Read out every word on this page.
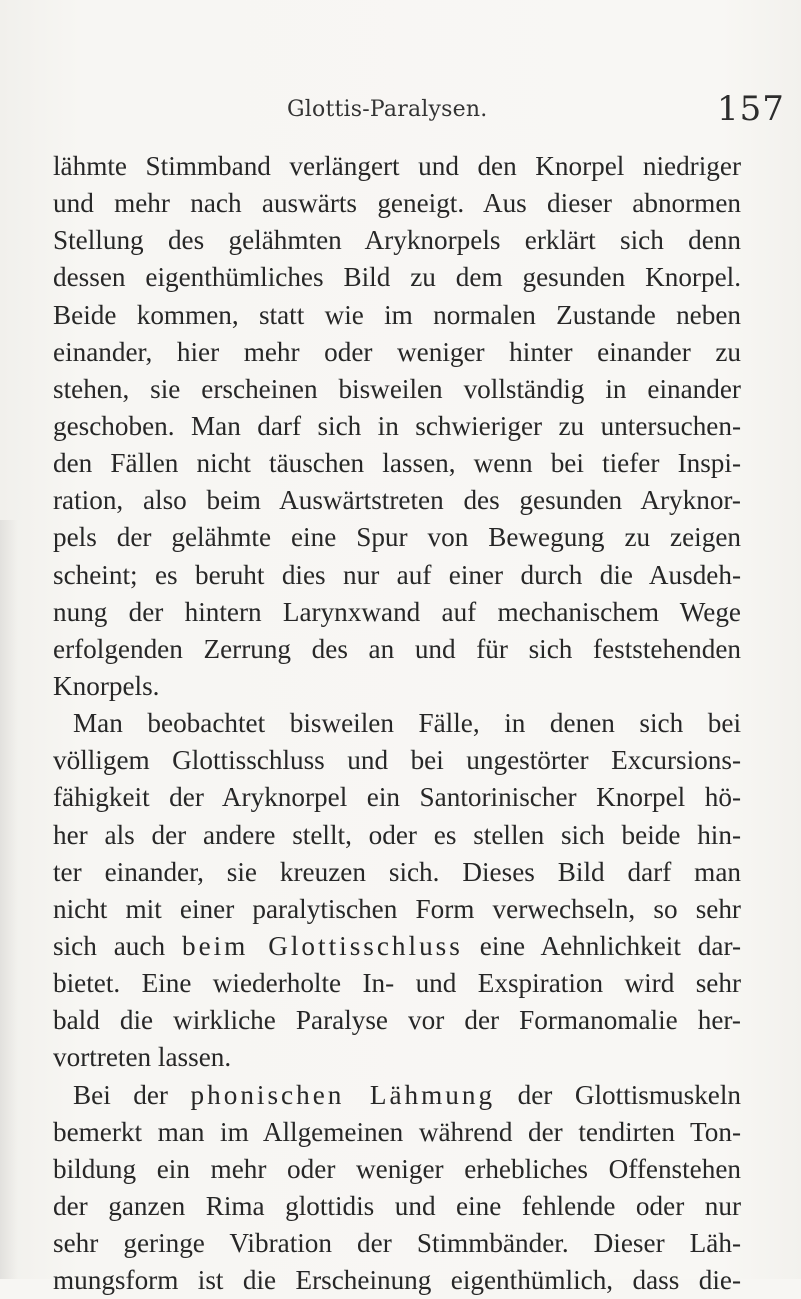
Glottis-Paralysen.	157
lähmte Stimmband verlängert und den Knorpel niedriger
und mehr nach auswärts geneigt. Aus dieser abnormen
Stellung des gelähmten Aryknorpels erklärt sich denn
dessen eigenthümliches Bild zu dem gesunden Knorpel.
Beide kommen, statt wie im normalen Zustande neben
einander, hier mehr oder weniger hinter einander zu
stehen, sie erscheinen bisweilen vollständig in einander
geschoben. Man darf sich in schwieriger zu untersuchen-
den Fällen nicht täuschen lassen, wenn bei tiefer Inspi-
ration, also beim Auswärtstreten des gesunden Aryknor-
pels der gelähmte eine Spur von Bewegung zu zeigen
scheint; es beruht dies nur auf einer durch die Ausdeh-
nung der hintern Larynxwand auf mechanischem Wege
erfolgenden Zerrung des an und für sich feststehenden
Knorpels.
Man beobachtet bisweilen Fälle, in denen sich bei
völligem Glottisschluss und bei ungestörter Excursions-
fähigkeit der Aryknorpel ein Santorinischer Knorpel hö-
her als der andere stellt, oder es stellen sich beide hin-
ter einander, sie kreuzen sich. Dieses Bild darf man
nicht mit einer paralytischen Form verwechseln, so sehr
sich auch beim Glottisschluss eine Aehnlichkeit dar-
bietet. Eine wiederholte In- und Exspiration wird sehr
bald die wirkliche Paralyse vor der Formanomalie her-
vortreten lassen.
Bei der phonischen Lähmung der Glottismuskeln
bemerkt man im Allgemeinen während der tendirten Ton-
bildung ein mehr oder weniger erhebliches Offenstehen
der ganzen Rima glottidis und eine fehlende oder nur
sehr geringe Vibration der Stimmbänder. Dieser Läh-
mungsform ist die Erscheinung eigenthümlich, dass die-
